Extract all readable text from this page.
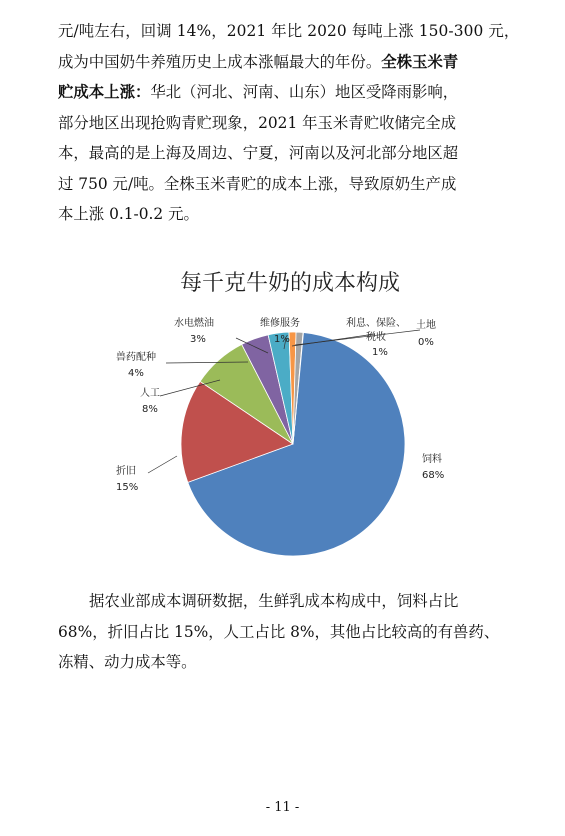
元/吨左右，回调 14%，2021 年比 2020 每吨上涨 150-300 元，
成为中国奶牛养殖历史上成本涨幅最大的年份。全株玉米青
贮成本上涨：华北（河北、河南、山东）地区受降雨影响，
部分地区出现抢购青贮现象，2021 年玉米青贮收储完全成
本，最高的是上海及周边、宁夏，河南以及河北部分地区超
过 750 元/吨。全株玉米青贮的成本上涨，导致原奶生产成
本上涨 0.1-0.2 元。
每千克牛奶的成本构成
饲料
68%
折旧
15%
人工
8%
兽药配种
4%
水电燃油
3%
维修服务
1%
利息、保险、
税收
1%
土地
0%
据农业部成本调研数据，生鲜乳成本构成中，饲料占比
68%，折旧占比 15%，人工占比 8%，其他占比较高的有兽药、
冻精、动力成本等。
- 11 -
